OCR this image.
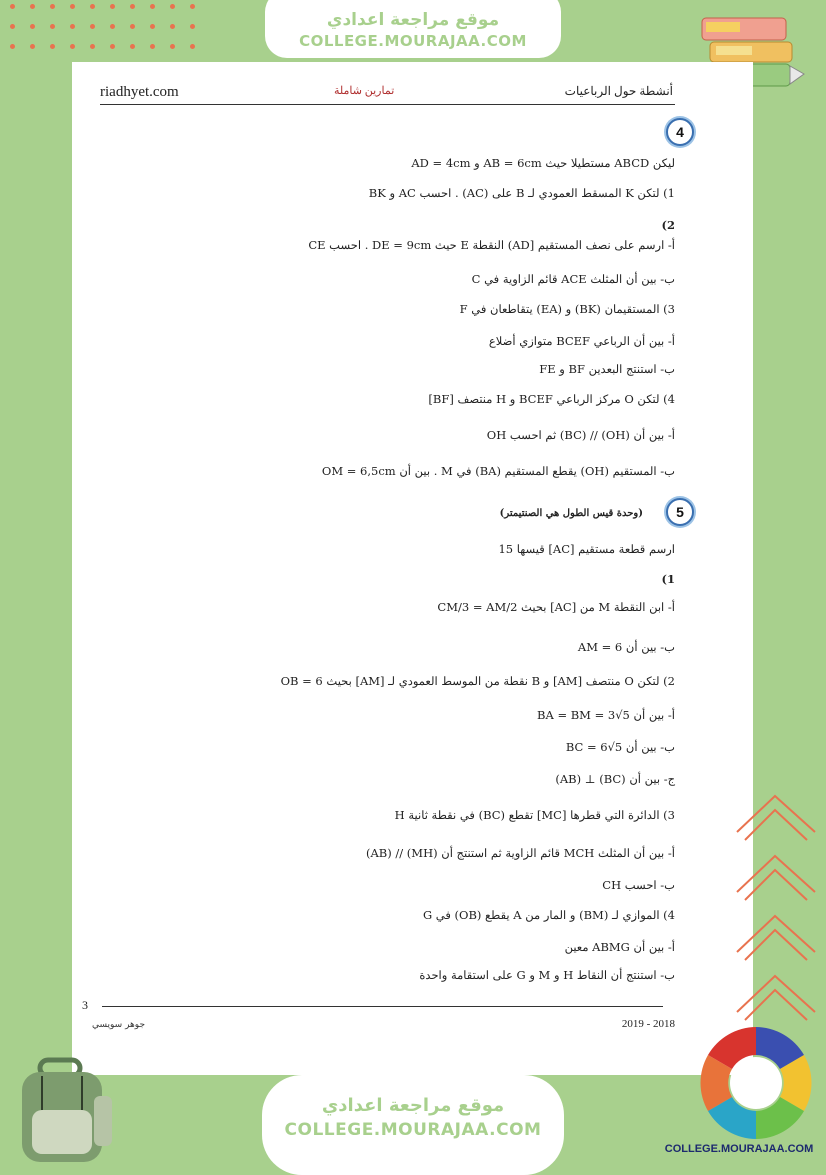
موقع مراجعة اعدادي
COLLEGE.MOURAJAA.COM
riadhyet.com	تمارين شاملة	أنشطة حول الرباعيات
4
ليكن ABCD مستطيلا حيث AB = 6cm و AD = 4cm
1) لتكن K المسقط العمودي لـ B على (AC) . احسب AC و BK
2)
أ- ارسم على نصف المستقيم [AD) النقطة E حيث DE = 9cm . احسب CE
ب- بين أن المثلث ACE قائم الزاوية في C
3) المستقيمان (BK) و (EA) يتقاطعان في F
أ- بين أن الرباعي BCEF متوازي أضلاع
ب- استنتج البعدين BF و FE
4) لتكن O مركز الرباعي BCEF و H منتصف [BF]
أ- بين أن (OH) // (BC) ثم احسب OH
ب- المستقيم (OH) يقطع المستقيم (BA) في M . بين أن OM = 6,5cm
5
(وحدة قيس الطول هي الصنتيمتر)
ارسم قطعة مستقيم [AC] قيسها 15
1)
أ- ابن النقطة M من [AC] بحيث CM/3 = AM/2
ب- بين أن AM = 6
2) لتكن O منتصف [AM] و B نقطة من الموسط العمودي لـ [AM] بحيث OB = 6
أ- بين أن BA = BM = 3√5
ب- بين أن BC = 6√5
ج- بين أن (BC) ⊥ (AB)
3) الدائرة التي قطرها [MC] تقطع (BC) في نقطة ثانية H
أ- بين أن المثلث MCH قائم الزاوية ثم استنتج أن (MH) // (AB)
ب- احسب CH
4) الموازي لـ (BM) و المار من A يقطع (OB) في G
أ- بين أن ABMG معين
ب- استنتج أن النقاط H و M و G على استقامة واحدة
3
جوهر سويسي	2019 - 2018
موقع مراجعة اعدادي
COLLEGE.MOURAJAA.COM
COLLEGE.MOURAJAA.COM
